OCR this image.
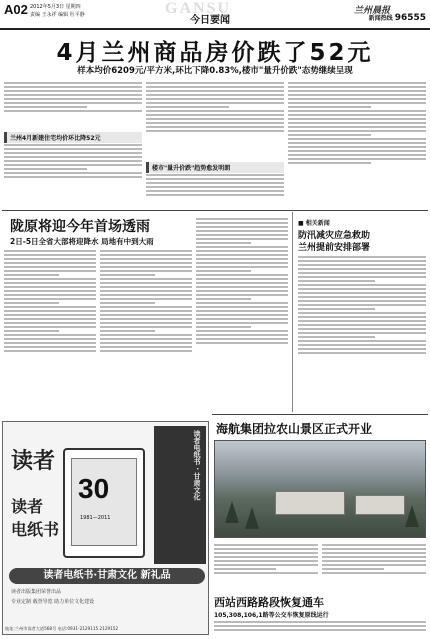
A02 2012年5月3日 星期四
责编 王永祥 编辑 杜平静	GANSU
今日要闻
兰州晨报
新闻热线 96555
4月兰州商品房价跌了52元
样本均价6209元/平方米,环比下降0.83%,楼市"量升价跌"态势继续呈现
兰州4月新建住宅均价环比降52元
楼市"量升价跌"趋势愈发明朗
陇原将迎今年首场透雨
2日-5日全省大部将迎降水 局地有中到大雨
■ 相关新闻
防汛减灾应急救助
兰州提前安排部署
海航集团拉农山景区正式开业
西站西路路段恢复通车
105,308,106,1路等公交车恢复原线运行
读者
读者
电纸书
30
1981—2011
读者电纸书 · 甘肃文化
读者电纸书·甘肃文化 新礼品
读者出版集团荣誉出品
专业定制 载誉导览 助力单位文化建设
地址:兰州市读者大道568号 电话:0931-2129115 2129152
